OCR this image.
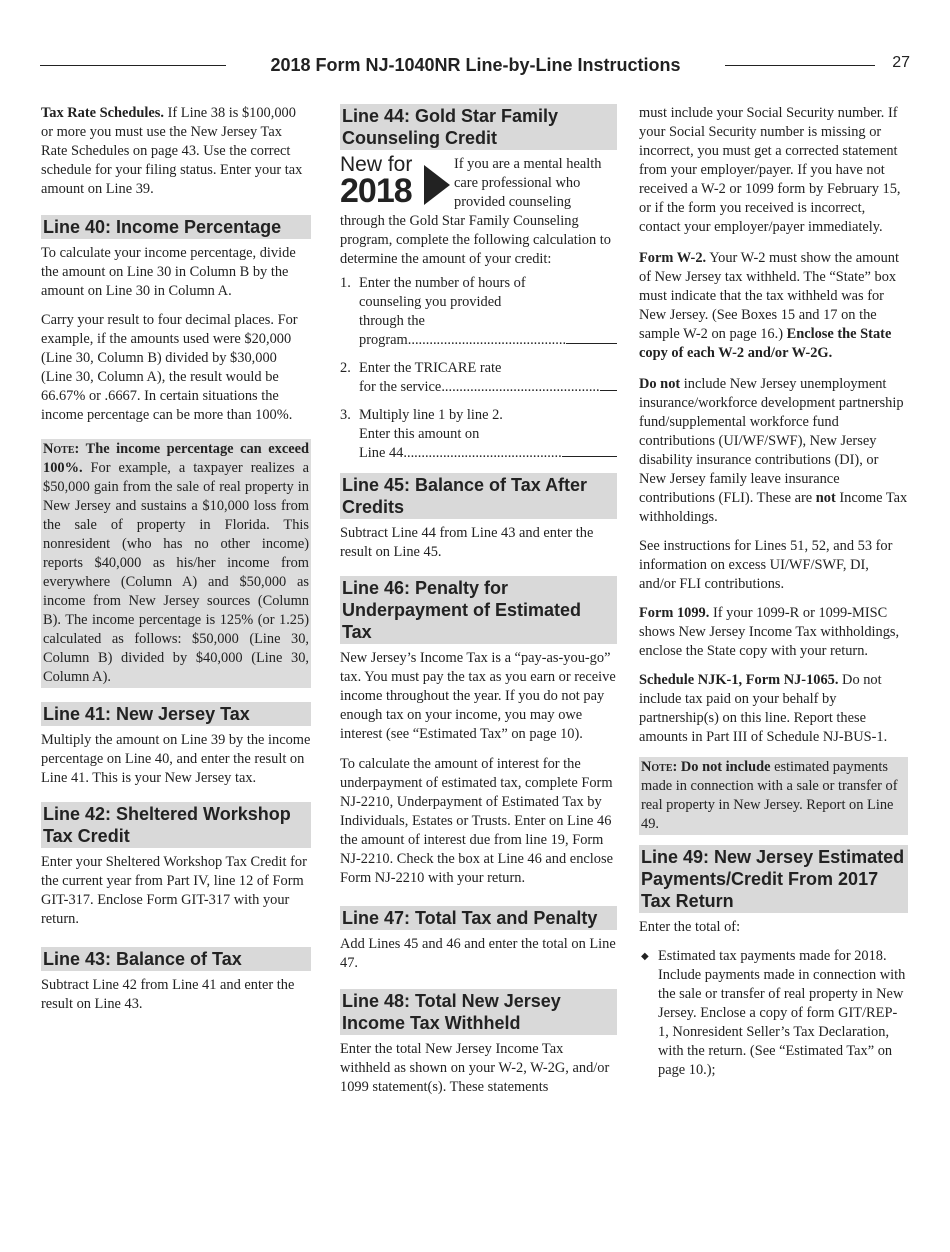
2018 Form NJ-1040NR Line-by-Line Instructions	27

Tax Rate Schedules. If Line 38 is $100,000 or more you must use the New Jersey Tax Rate Schedules on page 43. Use the correct schedule for your filing status. Enter your tax amount on Line 39.

Line 40: Income Percentage

To calculate your income percentage, divide the amount on Line 30 in Column B by the amount on Line 30 in Column A.

Carry your result to four decimal places. For example, if the amounts used were $20,000 (Line 30, Column B) divided by $30,000 (Line 30, Column A), the result would be 66.67% or .6667. In certain situations the income percentage can be more than 100%.

Note: The income percentage can exceed 100%. For example, a taxpayer realizes a $50,000 gain from the sale of real property in New Jersey and sustains a $10,000 loss from the sale of property in Florida. This nonresident (who has no other income) reports $40,000 as his/her income from everywhere (Column A) and $50,000 as income from New Jersey sources (Column B). The income percentage is 125% (or 1.25) calculated as follows: $50,000 (Line 30, Column B) divided by $40,000 (Line 30, Column A).
Line 41: New Jersey Tax

Multiply the amount on Line 39 by the income percentage on Line 40, and enter the result on Line 41. This is your New Jersey tax.

Line 42: Sheltered Workshop Tax Credit

Enter your Sheltered Workshop Tax Credit for the current year from Part IV, line 12 of Form GIT-317. Enclose Form GIT-317 with your return.

Line 43: Balance of Tax

Subtract Line 42 from Line 41 and enter the result on Line 43.

Line 44: Gold Star Family Counseling Credit
New for
2018
If you are a mental health care professional who provided counseling through the Gold Star Family Counseling program, complete the following calculation to determine the amount of your credit:
1. Enter the number of hours of counseling you provided through the
program ............................................
2. Enter the TRICARE rate
for the service ............................................
3. Multiply line 1 by line 2. Enter this amount on
Line 44 ............................................
Line 45: Balance of Tax After Credits

Subtract Line 44 from Line 43 and enter the result on Line 45.

Line 46: Penalty for Underpayment of Estimated Tax

New Jersey’s Income Tax is a “pay-as-you-go” tax. You must pay the tax as you earn or receive income throughout the year. If you do not pay enough tax on your income, you may owe interest (see “Estimated Tax” on page 10).

To calculate the amount of interest for the underpayment of estimated tax, complete Form NJ-2210, Underpayment of Estimated Tax by Individuals, Estates or Trusts. Enter on Line 46 the amount of interest due from line 19, Form NJ-2210. Check the box at Line 46 and enclose Form NJ-2210 with your return.

Line 47: Total Tax and Penalty

Add Lines 45 and 46 and enter the total on Line 47.

Line 48: Total New Jersey Income Tax Withheld

Enter the total New Jersey Income Tax withheld as shown on your W-2, W-2G, and/or 1099 statement(s). These statements

must include your Social Security number. If your Social Security number is missing or incorrect, you must get a corrected statement from your employer/payer. If you have not received a W-2 or 1099 form by February 15, or if the form you received is incorrect, contact your employer/payer immediately.

Form W-2. Your W-2 must show the amount of New Jersey tax withheld. The “State” box must indicate that the tax withheld was for New Jersey. (See Boxes 15 and 17 on the sample W-2 on page 16.) Enclose the State copy of each W-2 and/or W-2G.

Do not include New Jersey unemployment insurance/workforce development partnership fund/supplemental workforce fund contributions (UI/WF/SWF), New Jersey disability insurance contributions (DI), or New Jersey family leave insurance contributions (FLI). These are not Income Tax withholdings.

See instructions for Lines 51, 52, and 53 for information on excess UI/WF/SWF, DI, and/or FLI contributions.

Form 1099. If your 1099-R or 1099-MISC shows New Jersey Income Tax withholdings, enclose the State copy with your return.

Schedule NJK-1, Form NJ-1065. Do not include tax paid on your behalf by partnership(s) on this line. Report these amounts in Part III of Schedule NJ-BUS-1.

Note: Do not include estimated payments made in connection with a sale or transfer of real property in New Jersey. Report on Line 49.
Line 49: New Jersey Estimated Payments/Credit From 2017 Tax Return

Enter the total of:

◆ Estimated tax payments made for 2018. Include payments made in connection with the sale or transfer of real property in New Jersey. Enclose a copy of form GIT/REP-1, Nonresident Seller’s Tax Declaration, with the return. (See “Estimated Tax” on page 10.);
